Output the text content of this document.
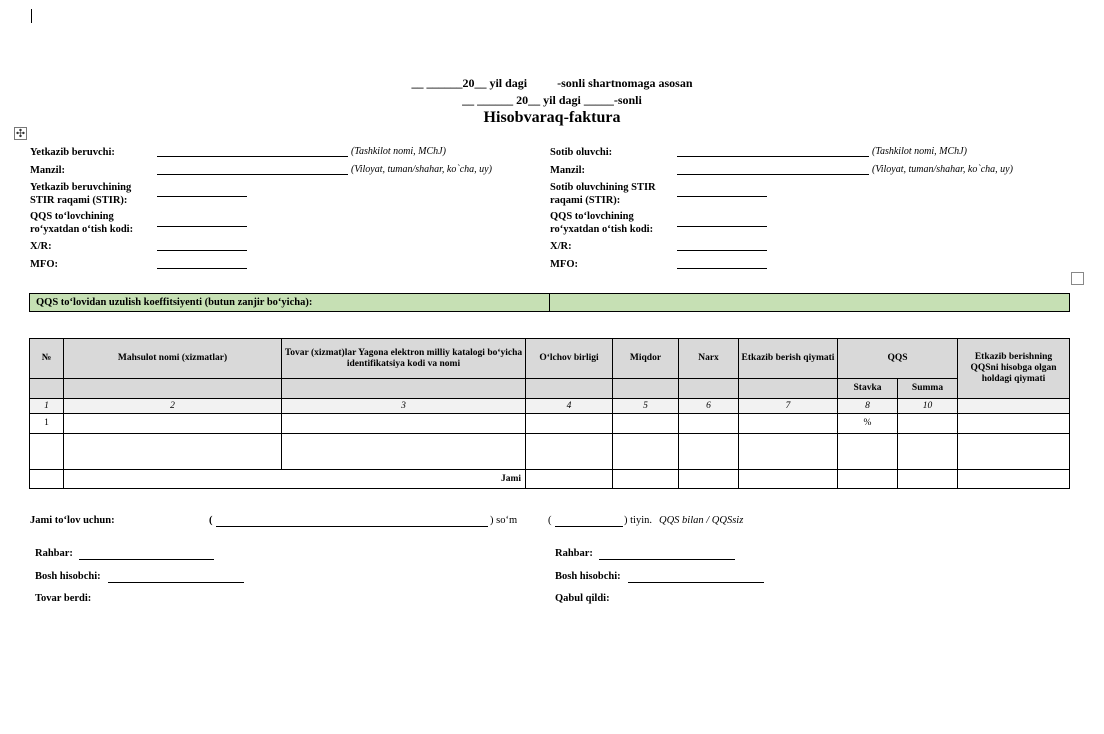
__ ______20__ yil dagi          -sonli shartnomaga asosan
__ ______ 20__ yil dagi _____-sonli
Hisobvaraq-faktura
✣
Yetkazib beruvchi:	(Tashkilot nomi, MChJ)
Manzil:	(Viloyat, tuman/shahar, ko`cha, uy)
Yetkazib beruvchining
STIR raqami (STIR):
QQS to‘lovchining
ro‘yxatdan o‘tish kodi:
X/R:
MFO:
Sotib oluvchi:	(Tashkilot nomi, MChJ)
Manzil:	(Viloyat, tuman/shahar, ko`cha, uy)
Sotib oluvchining STIR
raqami (STIR):
QQS to‘lovchining
ro‘yxatdan o‘tish kodi:
X/R:
MFO:
QQS to‘lovidan uzulish koeffitsiyenti (butun zanjir bo‘yicha):
№	Mahsulot nomi (xizmatlar)	Tovar (xizmat)lar Yagona elektron milliy katalogi bo‘yicha identifikatsiya kodi va nomi	O‘lchov birligi	Miqdor	Narx	Etkazib berish qiymati	QQS		Etkazib berishning QQSni hisobga olgan holdagi qiymati
							Stavka	Summa	
1	2	3	4	5	6	7	8	10	
1							%		

	Jami								
Jami to‘lov uchun:	(	) so‘m	(	) tiyin. QQS bilan / QQSsiz
Rahbar:
Bosh hisobchi:
Tovar berdi:
Rahbar:
Bosh hisobchi:
Qabul qildi:
